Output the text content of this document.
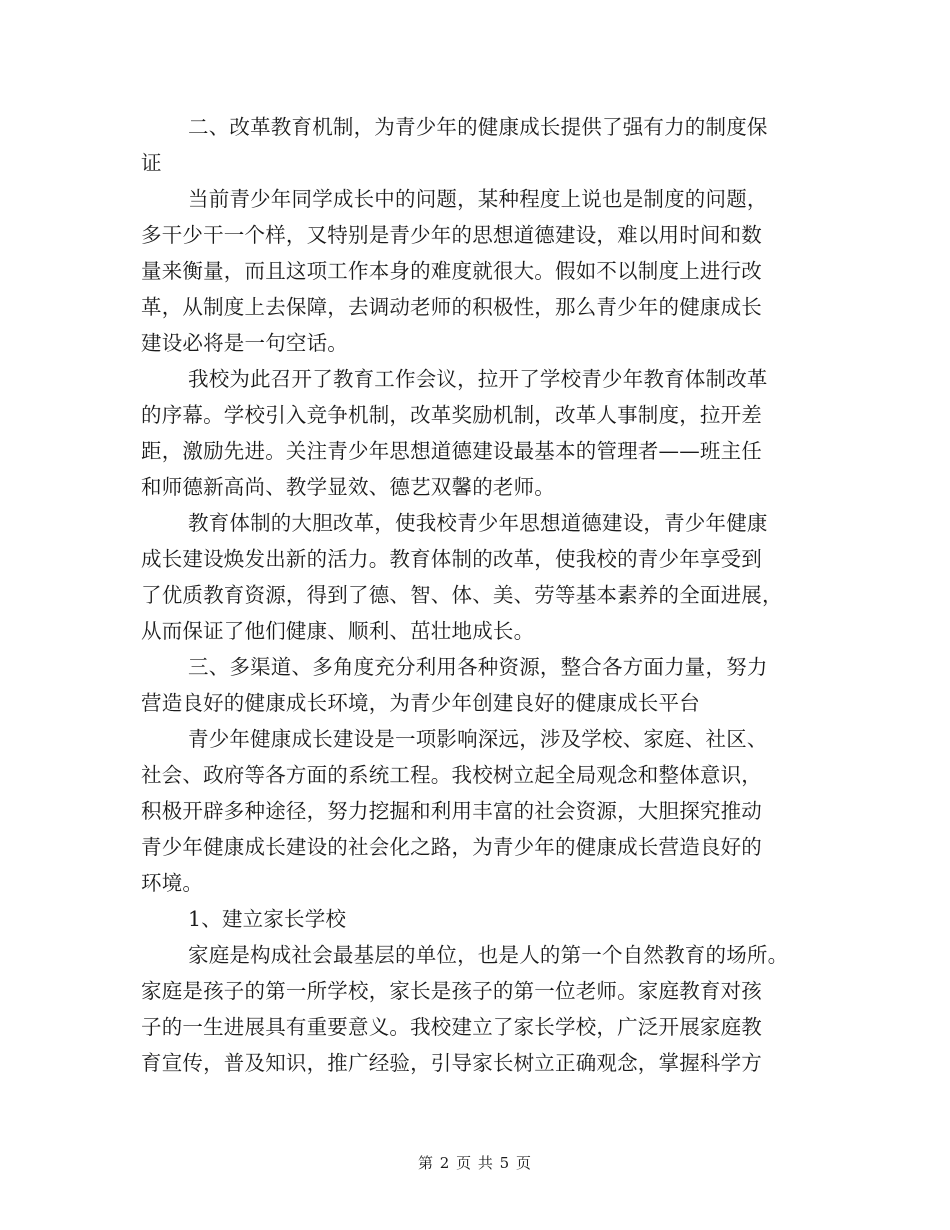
二、改革教育机制，为青少年的健康成长提供了强有力的制度保
证
当前青少年同学成长中的问题，某种程度上说也是制度的问题，
多干少干一个样，又特别是青少年的思想道德建设，难以用时间和数
量来衡量，而且这项工作本身的难度就很大。假如不以制度上进行改
革，从制度上去保障，去调动老师的积极性，那么青少年的健康成长
建设必将是一句空话。
我校为此召开了教育工作会议，拉开了学校青少年教育体制改革
的序幕。学校引入竞争机制，改革奖励机制，改革人事制度，拉开差
距，激励先进。关注青少年思想道德建设最基本的管理者——班主任
和师德新高尚、教学显效、德艺双馨的老师。
教育体制的大胆改革，使我校青少年思想道德建设，青少年健康
成长建设焕发出新的活力。教育体制的改革，使我校的青少年享受到
了优质教育资源，得到了德、智、体、美、劳等基本素养的全面进展，
从而保证了他们健康、顺利、茁壮地成长。
三、多渠道、多角度充分利用各种资源，整合各方面力量，努力
营造良好的健康成长环境，为青少年创建良好的健康成长平台
青少年健康成长建设是一项影响深远，涉及学校、家庭、社区、
社会、政府等各方面的系统工程。我校树立起全局观念和整体意识，
积极开辟多种途径，努力挖掘和利用丰富的社会资源，大胆探究推动
青少年健康成长建设的社会化之路，为青少年的健康成长营造良好的
环境。
1、建立家长学校
家庭是构成社会最基层的单位，也是人的第一个自然教育的场所。
家庭是孩子的第一所学校，家长是孩子的第一位老师。家庭教育对孩
子的一生进展具有重要意义。我校建立了家长学校，广泛开展家庭教
育宣传，普及知识，推广经验，引导家长树立正确观念，掌握科学方
第 2 页 共 5 页
